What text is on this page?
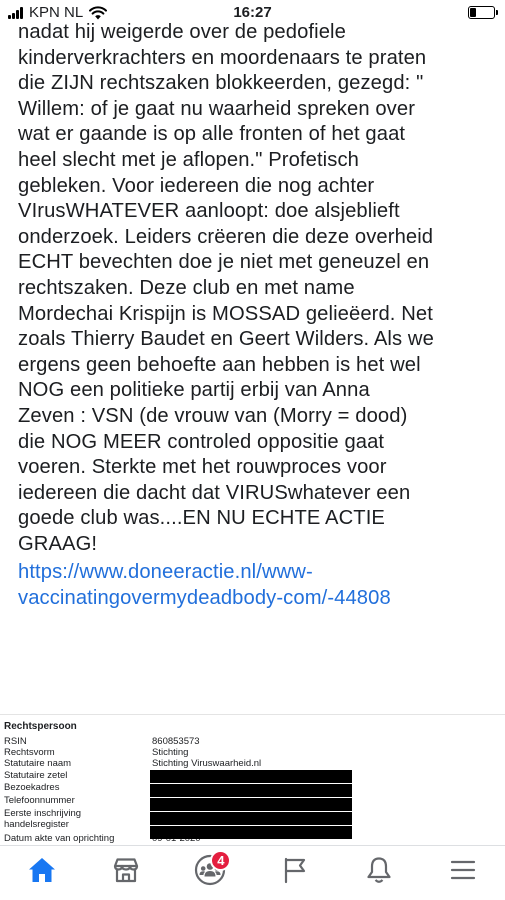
KPN NL	16:27

nadat hij weigerde over de pedofiele

kinderverkrachters en moordenaars te praten

die ZIJN rechtszaken blokkeerden, gezegd: "

Willem: of je gaat nu waarheid spreken over

wat er gaande is op alle fronten of het gaat

heel slecht met je aflopen." Profetisch

gebleken. Voor iedereen die nog achter

VIrusWHATEVER aanloopt: doe alsjeblieft

onderzoek. Leiders crëeren die deze overheid

ECHT bevechten doe je niet met geneuzel en

rechtszaken. Deze club en met name

Mordechai Krispijn is MOSSAD gelieëerd. Net

zoals Thierry Baudet en Geert Wilders. Als we

ergens geen behoefte aan hebben is het wel

NOG een politieke partij erbij van Anna

Zeven : VSN (de vrouw van (Morry = dood)

die NOG MEER controled oppositie gaat

voeren. Sterkte met het rouwproces voor

iedereen die dacht dat VIRUSwhatever een

goede club was....EN NU ECHTE ACTIE

GRAAG!

https://www.doneeractie.nl/www-
vaccinatingovermydeadbody-com/-44808
Rechtspersoon
RSIN	860853573
Rechtsvorm	Stichting
Statutaire naam	Stichting Viruswaarheid.nl
Statutaire zetel
Bezoekadres
Telefoonnummer
Eerste inschrijving
handelsregister
Datum akte van oprichting
4
